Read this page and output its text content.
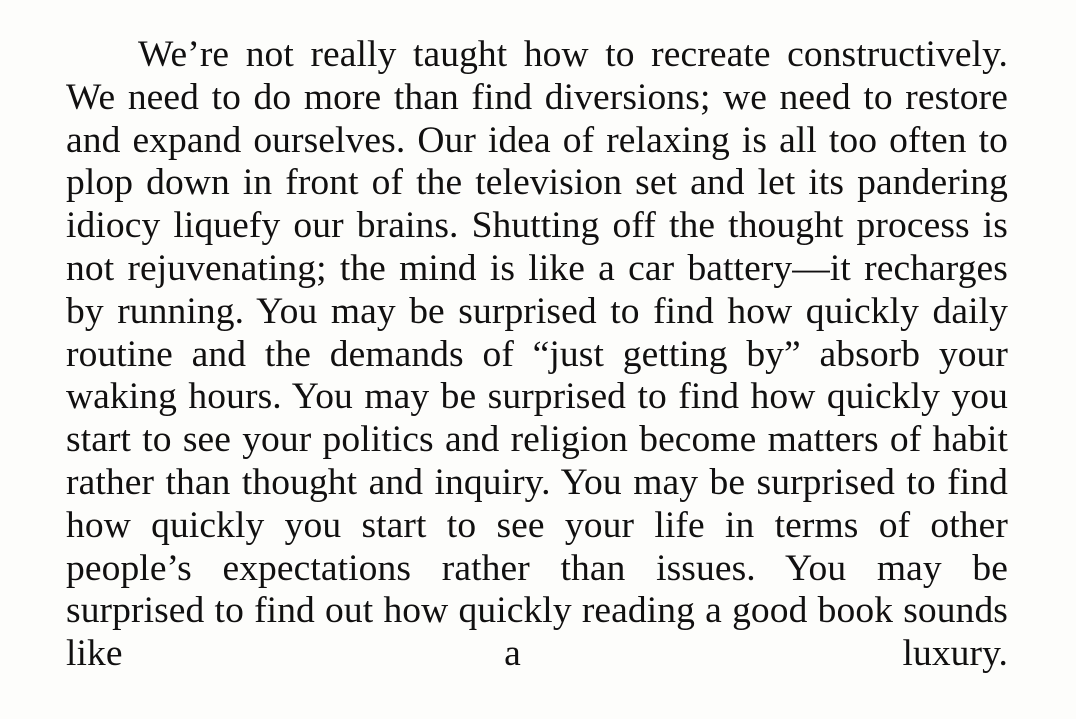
We’re not really taught how to recreate constructively. We need to do more than find diversions; we need to restore and expand ourselves. Our idea of relaxing is all too often to plop down in front of the television set and let its pandering idiocy liquefy our brains. Shutting off the thought process is not rejuvenating; the mind is like a car battery—it recharges by running. You may be surprised to find how quickly daily routine and the demands of “just getting by” absorb your waking hours. You may be surprised to find how quickly you start to see your politics and religion become matters of habit rather than thought and inquiry. You may be surprised to find how quickly you start to see your life in terms of other people’s expectations rather than issues. You may be surprised to find out how quickly reading a good book sounds like a luxury.
